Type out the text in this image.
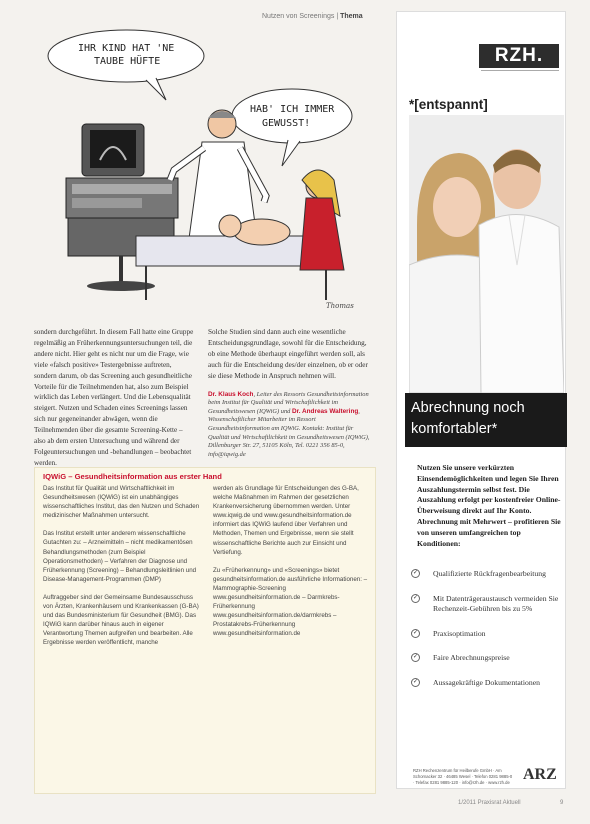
Nutzen von Screenings | Thema
IHR KIND HAT 'NE
TAUBE HÜFTE
HAB' ICH IMMER
GEWUSST!
Thomas

sondern durchgeführt. In diesem Fall hatte eine Gruppe regelmäßig an Früherkennungsuntersuchungen teil, die andere nicht. Hier geht es nicht nur um die Frage, wie viele «falsch positive» Testergebnisse auftreten, sondern darum, ob das Screening auch gesundheitliche Vorteile für die Teilnehmenden hat, also zum Beispiel wirklich das Leben verlängert. Und die Lebensqualität steigert. Nutzen und Schaden eines Screenings lassen sich nur gegeneinander abwägen, wenn die Teilnehmenden über die gesamte Screening-Kette – also ab dem ersten Untersuchung und während der Folgeuntersuchungen und -behandlungen – beobachtet werden.

Solche Studien sind dann auch eine wesentliche Entscheidungsgrundlage, sowohl für die Entscheidung, ob eine Methode überhaupt eingeführt werden soll, als auch für die Entscheidung des/der einzelnen, ob er oder sie diese Methode in Anspruch nehmen will.

Dr. Klaus Koch, Leiter des Ressorts Gesundheitsinformation beim Institut für Qualität und Wirtschaftlichkeit im Gesundheitswesen (IQWiG) und Dr. Andreas Waltering, Wissenschaftlicher Mitarbeiter im Ressort Gesundheitsinformation am IQWiG. Kontakt: Institut für Qualität und Wirtschaftlichkeit im Gesundheitswesen (IQWiG), Dillenburger Str. 27, 51105 Köln, Tel. 0221 356 85-0, info@iqwig.de
IQWiG – Gesundheitsinformation aus erster Hand

Das Institut für Qualität und Wirtschaftlichkeit im Gesundheitswesen (IQWiG) ist ein unabhängiges wissenschaftliches Institut, das den Nutzen und Schaden medizinischer Maßnahmen untersucht.

Das Institut erstellt unter anderem wissenschaftliche Gutachten zu: – Arzneimitteln – nicht medikamentösen Behandlungsmethoden (zum Beispiel Operationsmethoden) – Verfahren der Diagnose und Früherkennung (Screening) – Behandlungsleitlinien und Disease-Management-Programmen (DMP)

Auftraggeber sind der Gemeinsame Bundesausschuss von Ärzten, Krankenhäusern und Krankenkassen (G-BA) und das Bundesministerium für Gesundheit (BMG). Das IQWiG kann darüber hinaus auch in eigener Verantwortung Themen aufgreifen und bearbeiten. Alle Ergebnisse werden veröffentlicht, manche

werden als Grundlage für Entscheidungen des G-BA, welche Maßnahmen im Rahmen der gesetzlichen Krankenversicherung übernommen werden. Unter www.iqwig.de und www.gesundheitsinformation.de informiert das IQWiG laufend über Verfahren und Methoden, Themen und Ergebnisse, wenn sie stellt wissenschaftliche Berichte auch zur Einsicht und Vertiefung.

Zu «Früherkennung» und «Screenings» bietet gesundheitsinformation.de ausführliche Informationen: – Mammographie-Screening www.gesundheitsinformation.de – Darmkrebs-Früherkennung www.gesundheitsinformation.de/darmkrebs – Prostatakrebs-Früherkennung www.gesundheitsinformation.de

RZH.
*[entspannt]
Abrechnung noch
komfortabler*
Nutzen Sie unsere verkürzten Einsendemöglichkeiten und legen Sie Ihren Auszahlungstermin selbst fest. Die Auszahlung erfolgt per kostenfreier Online-Überweisung direkt auf Ihr Konto. Abrechnung mit Mehrwert – profitieren Sie von unseren umfangreichen top Konditionen:
✓ Qualifizierte Rückfragenbearbeitung
✓ Mit Datenträgeraustausch vermeiden Sie Rechenzeit-Gebühren bis zu 5%
✓ Praxisoptimation
✓ Faire Abrechnungspreise
✓ Aussagekräftige Dokumentationen
RZH Rechenzentrum für Heilberufe GmbH · Am Schornacker 32 · 46485 Wesel · Telefon 0281 9885-0 · Telefax 0281 9885-120 · info@rzh.de · www.rzh.de ARZ
1/2011 Praxisrat Aktuell	9
